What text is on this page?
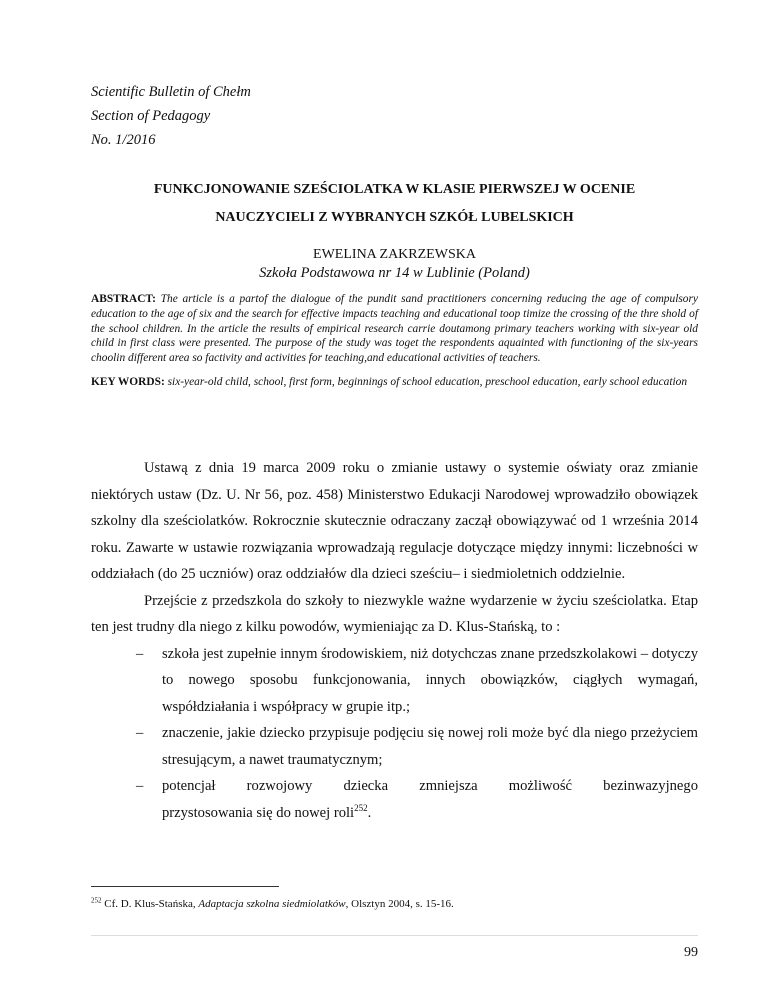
Scientific Bulletin of Chełm
Section of Pedagogy
No. 1/2016
FUNKCJONOWANIE SZEŚCIOLATKA W KLASIE PIERWSZEJ W OCENIE
NAUCZYCIELI Z WYBRANYCH SZKÓŁ LUBELSKICH
EWELINA ZAKRZEWSKA
Szkoła Podstawowa nr 14 w Lublinie (Poland)
ABSTRACT: The article is a partof the dialogue of the pundit sand practitioners concerning reducing the age of compulsory education to the age of six and the search for effective impacts teaching and educational toop timize the crossing of the thre shold of the school children. In the article the results of empirical research carrie doutamong primary teachers working with six-year old child in first class were presented. The purpose of the study was toget the respondents aquainted with functioning of the six-years choolin different area so factivity and activities for teaching,and educational activities of teachers.
KEY WORDS: six-year-old child, school, first form, beginnings of school education, preschool education, early school education

Ustawą z dnia 19 marca 2009 roku o zmianie ustawy o systemie oświaty oraz zmianie niektórych ustaw (Dz. U. Nr 56, poz. 458) Ministerstwo Edukacji Narodowej wprowadziło obowiązek szkolny dla sześciolatków. Rokrocznie skutecznie odraczany zaczął obowiązywać od 1 września 2014 roku. Zawarte w ustawie rozwiązania wprowadzają regulacje dotyczące między innymi: liczebności w oddziałach (do 25 uczniów) oraz oddziałów dla dzieci sześciu– i siedmioletnich oddzielnie.

Przejście z przedszkola do szkoły to niezwykle ważne wydarzenie w życiu sześciolatka. Etap ten jest trudny dla niego z kilku powodów, wymieniając za D. Klus-Stańską, to :

– szkoła jest zupełnie innym środowiskiem, niż dotychczas znane przedszkolakowi – dotyczy to nowego sposobu funkcjonowania, innych obowiązków, ciągłych wymagań, współdziałania i współpracy w grupie itp.;
– znaczenie, jakie dziecko przypisuje podjęciu się nowej roli może być dla niego przeżyciem stresującym, a nawet traumatycznym;
– potencjał rozwojowy dziecka zmniejsza możliwość bezinwazyjnego
przystosowania się do nowej roli$^{252}$.
$^{252}$ Cf. D. Klus-Stańska, Adaptacja szkolna siedmiolatków, Olsztyn 2004, s. 15-16.
99
